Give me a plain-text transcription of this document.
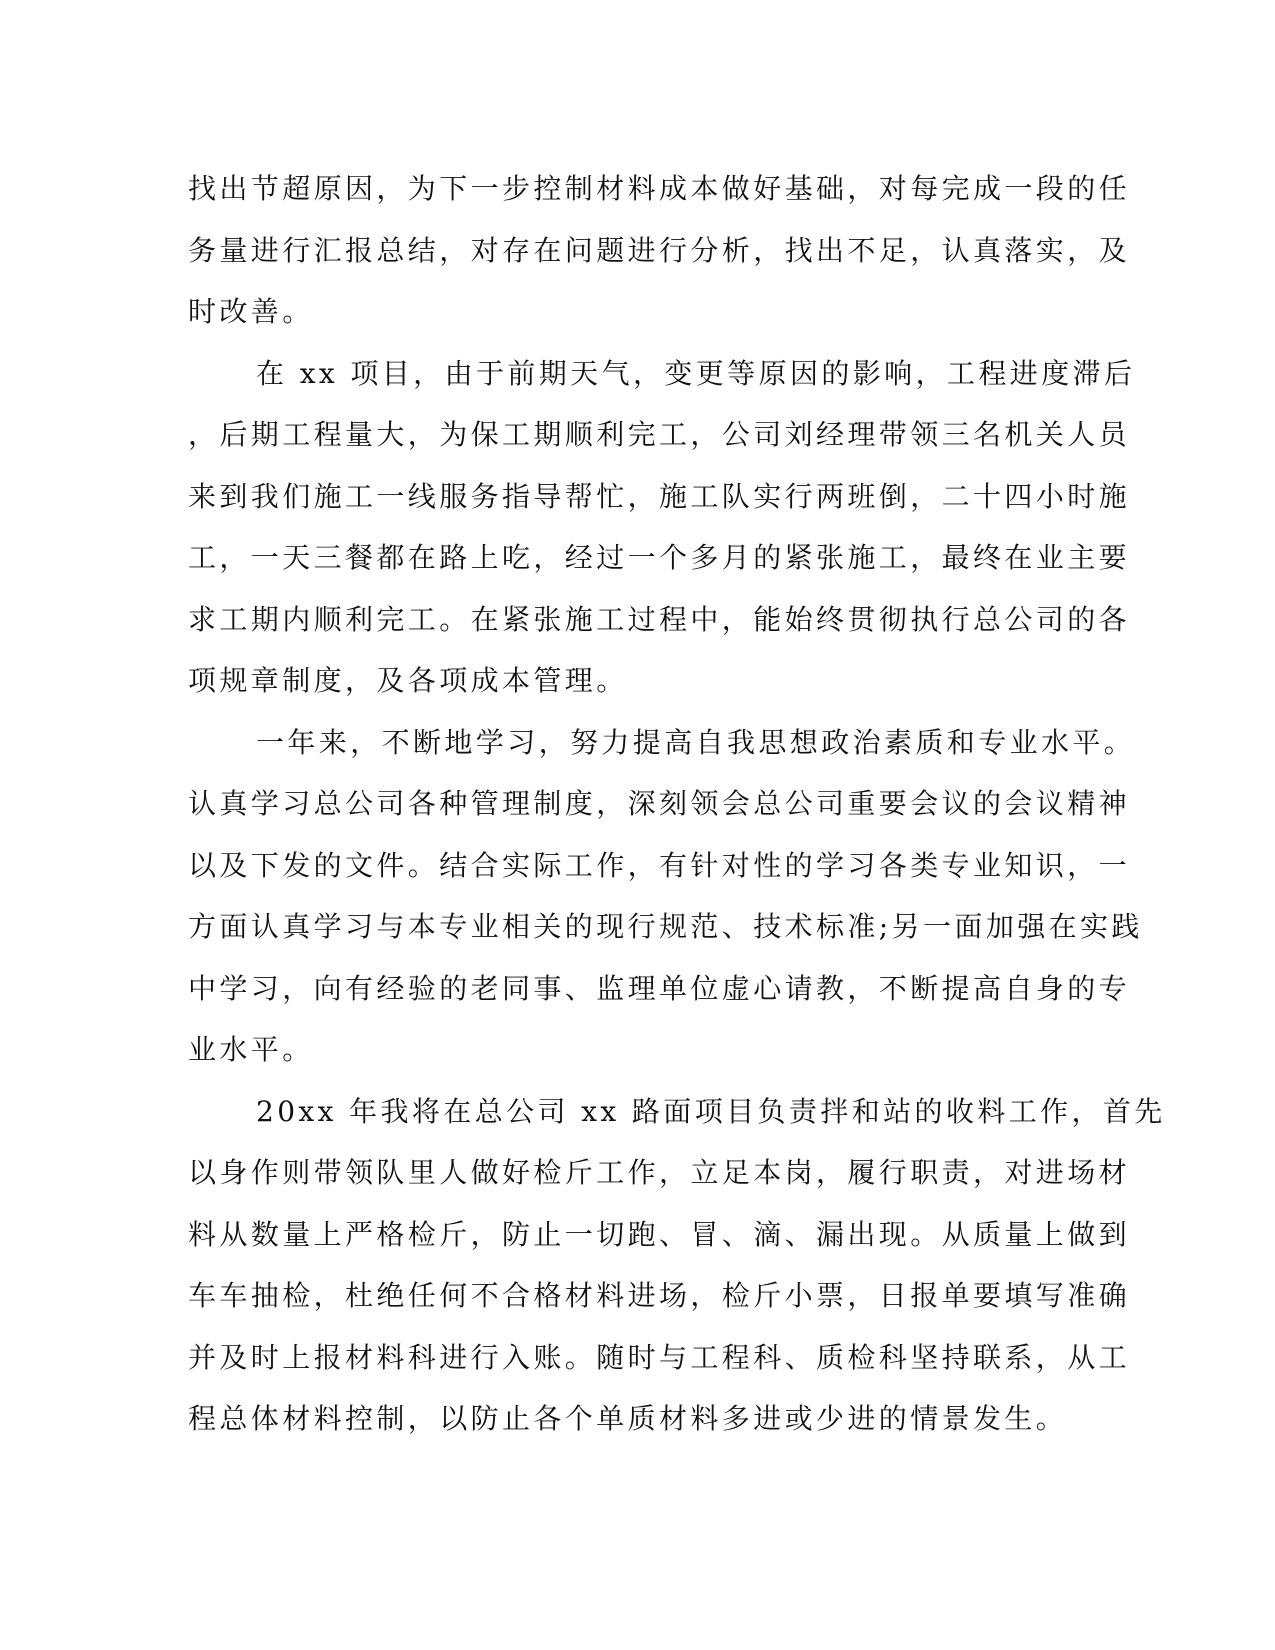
找出节超原因，为下一步控制材料成本做好基础，对每完成一段的任
务量进行汇报总结，对存在问题进行分析，找出不足，认真落实，及
时改善。
在 xx 项目，由于前期天气，变更等原因的影响，工程进度滞后
，后期工程量大，为保工期顺利完工，公司刘经理带领三名机关人员
来到我们施工一线服务指导帮忙，施工队实行两班倒，二十四小时施
工，一天三餐都在路上吃，经过一个多月的紧张施工，最终在业主要
求工期内顺利完工。在紧张施工过程中，能始终贯彻执行总公司的各
项规章制度，及各项成本管理。
一年来，不断地学习，努力提高自我思想政治素质和专业水平。
认真学习总公司各种管理制度，深刻领会总公司重要会议的会议精神
以及下发的文件。结合实际工作，有针对性的学习各类专业知识，一
方面认真学习与本专业相关的现行规范、技术标准;另一面加强在实践
中学习，向有经验的老同事、监理单位虚心请教，不断提高自身的专
业水平。
20xx 年我将在总公司 xx 路面项目负责拌和站的收料工作，首先
以身作则带领队里人做好检斤工作，立足本岗，履行职责，对进场材
料从数量上严格检斤，防止一切跑、冒、滴、漏出现。从质量上做到
车车抽检，杜绝任何不合格材料进场，检斤小票，日报单要填写准确
并及时上报材料科进行入账。随时与工程科、质检科坚持联系，从工
程总体材料控制，以防止各个单质材料多进或少进的情景发生。
